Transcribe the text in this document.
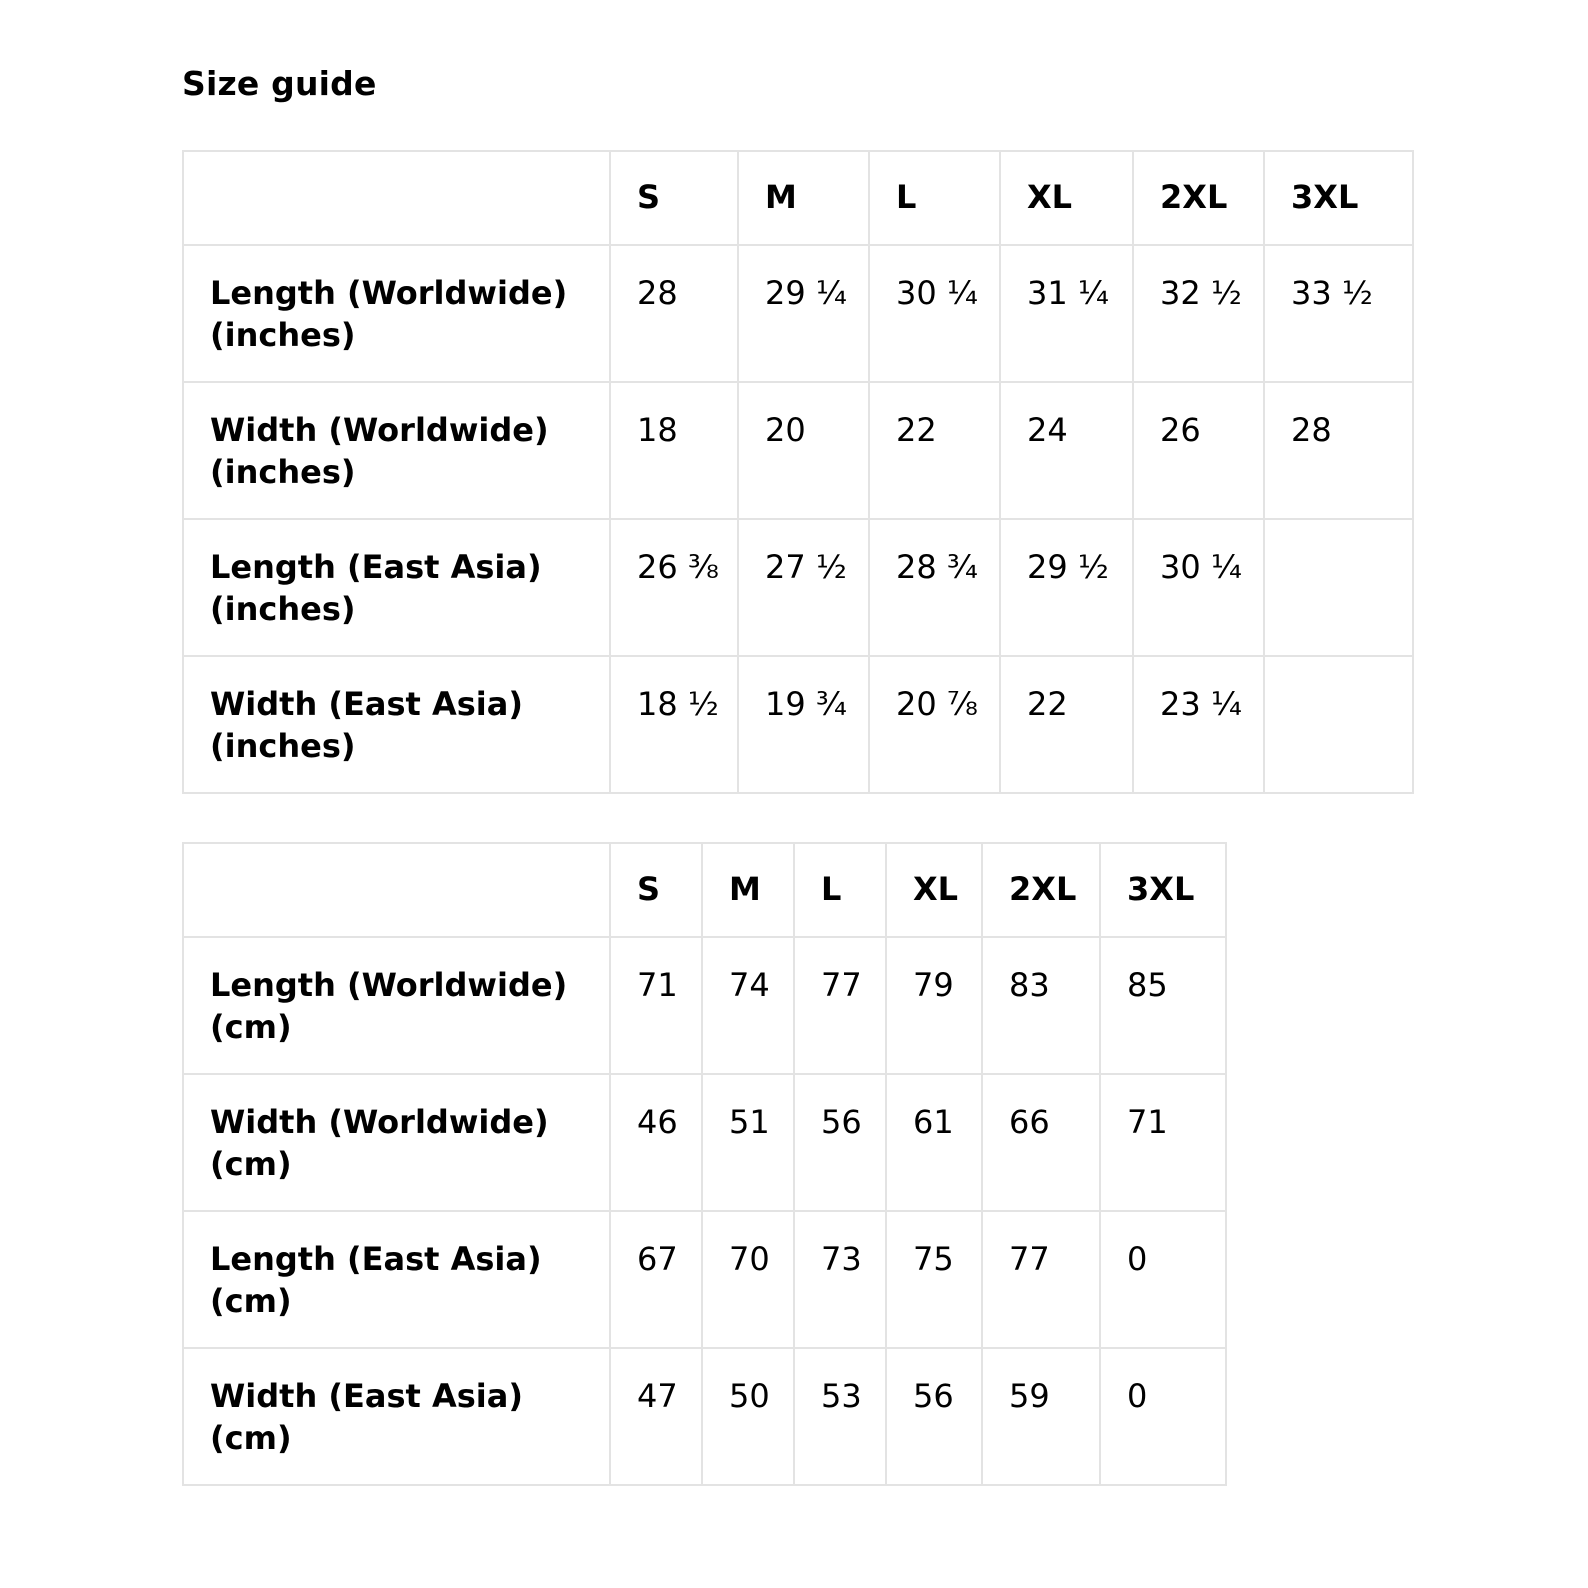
Size guide
	S	M	L	XL	2XL	3XL
Length (Worldwide) (inches)	28	29 ¼	30 ¼	31 ¼	32 ½	33 ½
Width (Worldwide) (inches)	18	20	22	24	26	28
Length (East Asia) (inches)	26 ⅜	27 ½	28 ¾	29 ½	30 ¼	
Width (East Asia) (inches)	18 ½	19 ¾	20 ⅞	22	23 ¼	
	S	M	L	XL	2XL	3XL
Length (Worldwide) (cm)	71	74	77	79	83	85
Width (Worldwide) (cm)	46	51	56	61	66	71
Length (East Asia) (cm)	67	70	73	75	77	0
Width (East Asia) (cm)	47	50	53	56	59	0
